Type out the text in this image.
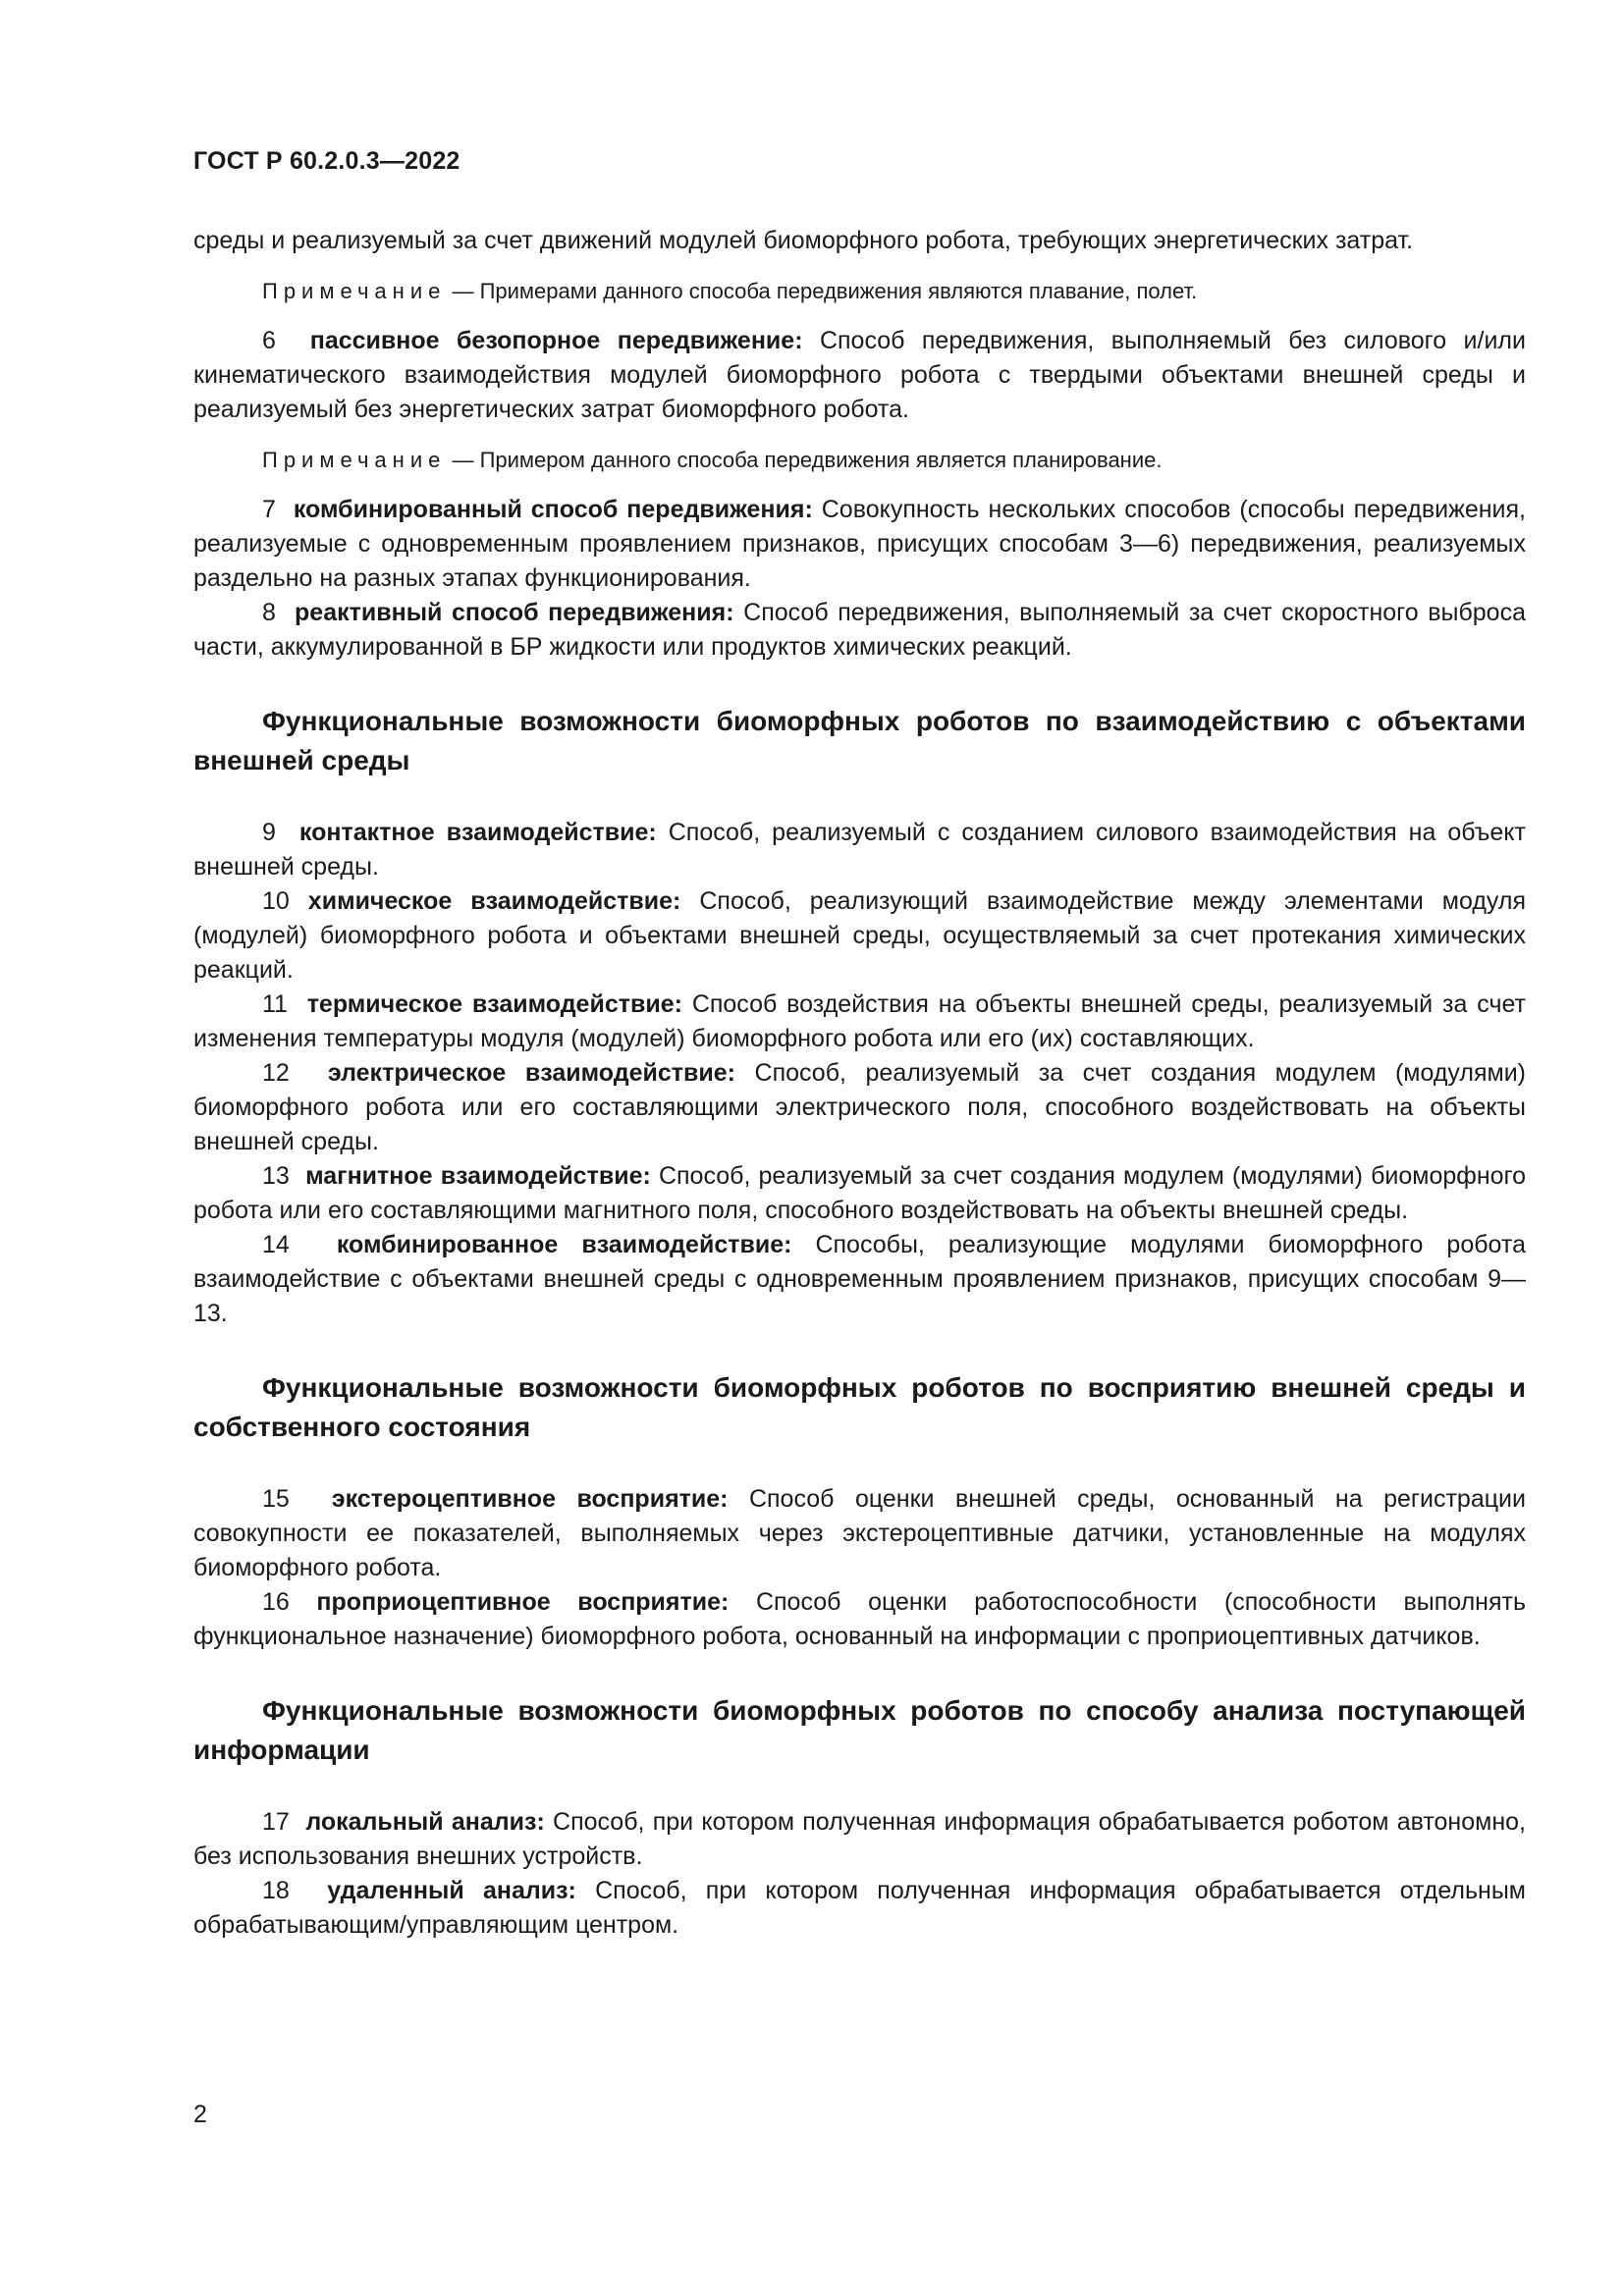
ГОСТ Р 60.2.0.3—2022

среды и реализуемый за счет движений модулей биоморфного робота, требующих энергетических затрат.

Примечание — Примерами данного способа передвижения являются плавание, полет.

6 пассивное безопорное передвижение: Способ передвижения, выполняемый без силового и/или кинематического взаимодействия модулей биоморфного робота с твердыми объектами внешней среды и реализуемый без энергетических затрат биоморфного робота.

Примечание — Примером данного способа передвижения является планирование.

7 комбинированный способ передвижения: Совокупность нескольких способов (способы передвижения, реализуемые с одновременным проявлением признаков, присущих способам 3—6) передвижения, реализуемых раздельно на разных этапах функционирования.

8 реактивный способ передвижения: Способ передвижения, выполняемый за счет скоростного выброса части, аккумулированной в БР жидкости или продуктов химических реакций.

Функциональные возможности биоморфных роботов по взаимодействию с объектами внешней среды

9 контактное взаимодействие: Способ, реализуемый с созданием силового взаимодействия на объект внешней среды.

10 химическое взаимодействие: Способ, реализующий взаимодействие между элементами модуля (модулей) биоморфного робота и объектами внешней среды, осуществляемый за счет протекания химических реакций.

11 термическое взаимодействие: Способ воздействия на объекты внешней среды, реализуемый за счет изменения температуры модуля (модулей) биоморфного робота или его (их) составляющих.

12 электрическое взаимодействие: Способ, реализуемый за счет создания модулем (модулями) биоморфного робота или его составляющими электрического поля, способного воздействовать на объекты внешней среды.

13 магнитное взаимодействие: Способ, реализуемый за счет создания модулем (модулями) биоморфного робота или его составляющими магнитного поля, способного воздействовать на объекты внешней среды.

14 комбинированное взаимодействие: Способы, реализующие модулями биоморфного робота взаимодействие с объектами внешней среды с одновременным проявлением признаков, присущих способам 9—13.

Функциональные возможности биоморфных роботов по восприятию внешней среды и собственного состояния

15 экстероцептивное восприятие: Способ оценки внешней среды, основанный на регистрации совокупности ее показателей, выполняемых через экстероцептивные датчики, установленные на модулях биоморфного робота.

16 проприоцептивное восприятие: Способ оценки работоспособности (способности выполнять функциональное назначение) биоморфного робота, основанный на информации с проприоцептивных датчиков.

Функциональные возможности биоморфных роботов по способу анализа поступающей информации

17 локальный анализ: Способ, при котором полученная информация обрабатывается роботом автономно, без использования внешних устройств.

18 удаленный анализ: Способ, при котором полученная информация обрабатывается отдельным обрабатывающим/управляющим центром.

2
